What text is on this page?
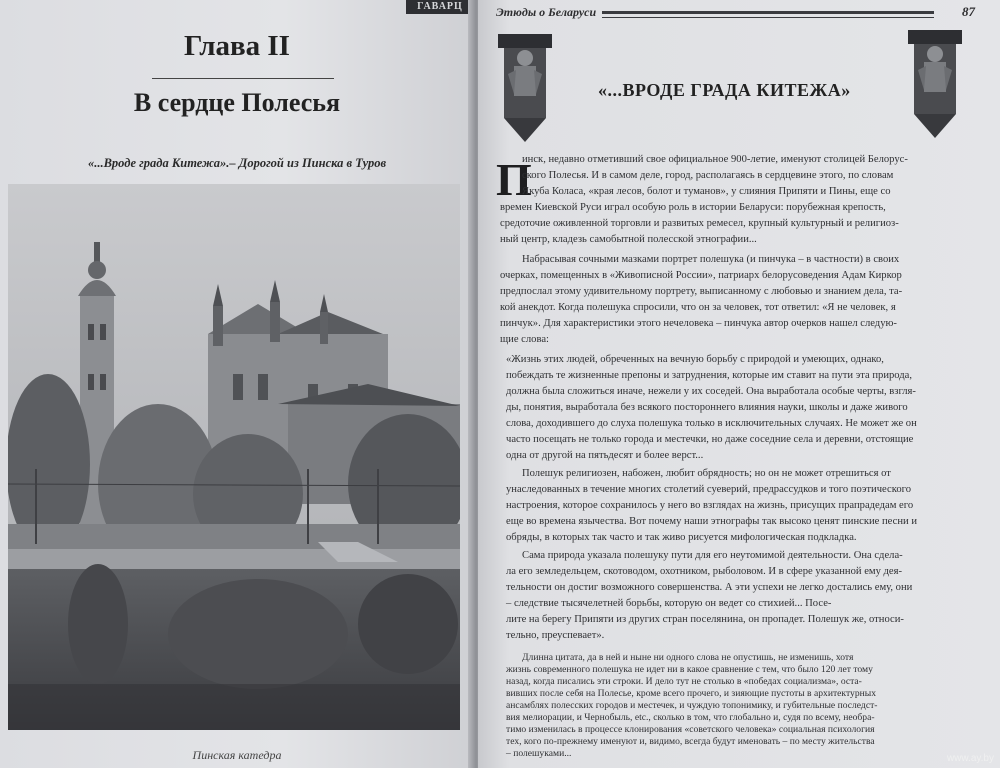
ГАВАРЦ
Глава II
В сердце Полесья
«...Вроде града Китежа».– Дорогой из Пинска в Туров
Пинская катедра
Этюды о Беларуси	87
«...ВРОДЕ ГРАДА КИТЕЖА»
П
инск, недавно отметивший свое официальное 900-летие, именуют столицей Белорус-
ского Полесья. И в самом деле, город, располагаясь в сердцевине этого, по словам
Якуба Коласа, «края лесов, болот и туманов», у слияния Припяти и Пины, еще со
времен Киевской Руси играл особую роль в истории Беларуси: порубежная крепость,
средоточие оживленной торговли и развитых ремесел, крупный культурный и религиоз-
ный центр, кладезь самобытной полесской этнографии...
Набрасывая сочными мазками портрет полешука (и пинчука – в частности) в своих
очерках, помещенных в «Живописной России», патриарх белорусоведения Адам Киркор
предпослал этому удивительному портрету, выписанному с любовью и знанием дела, та-
кой анекдот. Когда полешука спросили, что он за человек, тот ответил: «Я не человек, я
пинчук». Для характеристики этого нечеловека – пинчука автор очерков нашел следую-
щие слова:
«Жизнь этих людей, обреченных на вечную борьбу с природой и умеющих, однако,
побеждать те жизненные препоны и затруднения, которые им ставит на пути эта природа,
должна была сложиться иначе, нежели у их соседей. Она выработала особые черты, взгля-
ды, понятия, выработала без всякого постороннего влияния науки, школы и даже живого
слова, доходившего до слуха полешука только в исключительных случаях. Не может же он
часто посещать не только города и местечки, но даже соседние села и деревни, отстоящие
одна от другой на пятьдесят и более верст...
Полешук религиозен, набожен, любит обрядность; но он не может отрешиться от
унаследованных в течение многих столетий суеверий, предрассудков и того поэтического
настроения, которое сохранилось у него во взглядах на жизнь, присущих прапрадедам его
еще во времена язычества. Вот почему наши этнографы так высоко ценят пинские песни и
обряды, в которых так часто и так живо рисуется мифологическая подкладка.
Сама природа указала полешуку пути для его неутомимой деятельности. Она сдела-
ла его земледельцем, скотоводом, охотником, рыболовом. И в сфере указанной ему дея-
тельности он достиг возможного совершенства. А эти успехи не легко достались ему, они
– следствие тысячелетней борьбы, которую он ведет со стихией... Посе-
лите на берегу Припяти из других стран поселянина, он пропадет. Полешук же, относи-
тельно, преуспевает».
Длинна цитата, да в ней и ныне ни одного слова не опустишь, не изменишь, хотя
жизнь современного полешука не идет ни в какое сравнение с тем, что было 120 лет тому
назад, когда писались эти строки. И дело тут не столько в «победах социализма», оста-
вивших после себя на Полесье, кроме всего прочего, и зияющие пустоты в архитектурных
ансамблях полесских городов и местечек, и чуждую топонимику, и губительные последст-
вия мелиорации, и Чернобыль, etc., сколько в том, что глобально и, судя по всему, необра-
тимо изменилась в процессе клонирования «советского человека» социальная психология
тех, кого по-прежнему именуют и, видимо, всегда будут именовать – по месту жительства
– полешуками...	www.ay.by
